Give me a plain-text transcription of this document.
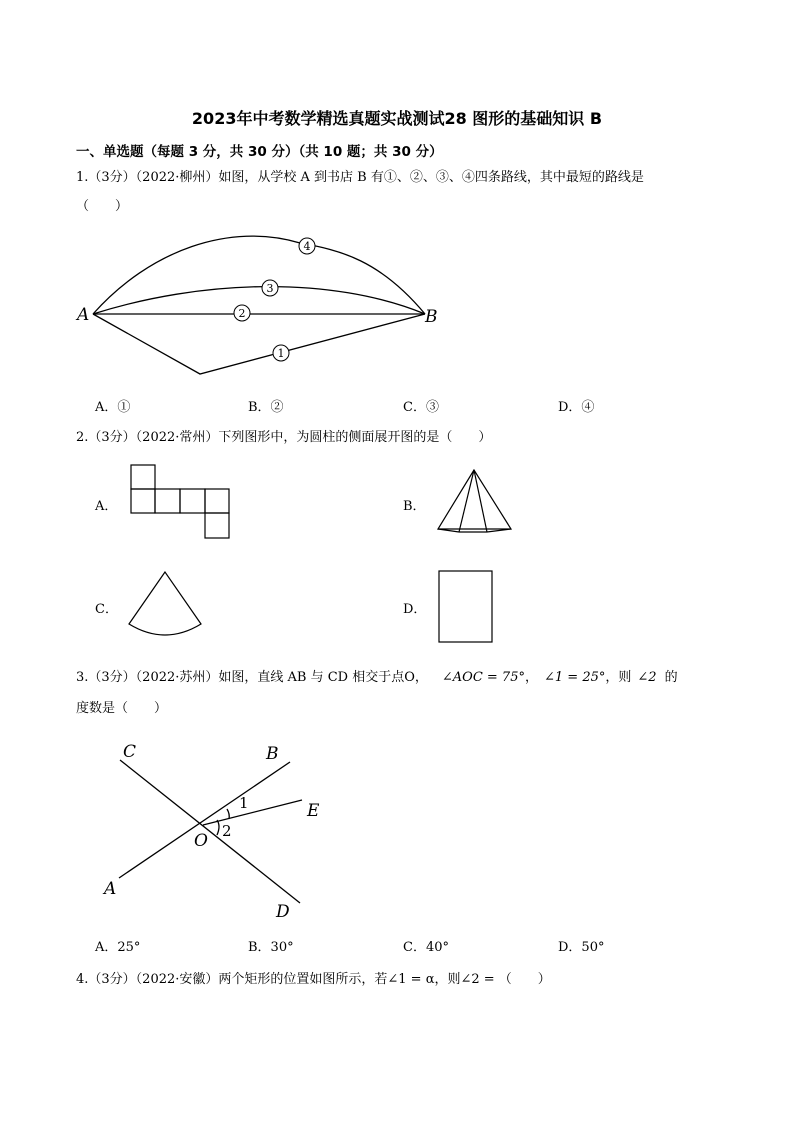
2023年中考数学精选真题实战测试28 图形的基础知识 B
一、单选题（每题 3 分，共 30 分）（共 10 题；共 30 分）
1.（3分）（2022·柳州）如图，从学校 A 到书店 B 有①、②、③、④四条路线，其中最短的路线是
（　　）
4
3
2
1
A	B
A．①	B．②	C．③	D．④
2.（3分）（2022·常州）下列图形中，为圆柱的侧面展开图的是（　　）
A．	B．
C．	D．
3.（3分）（2022·苏州）如图，直线 AB 与 CD 相交于点O， ∠AOC = 75°， ∠1 = 25°，则 ∠2 的
度数是（　　）
C	B
E
O
A
D
1
2
A．25°	B．30°	C．40°	D．50°
4.（3分）（2022·安徽）两个矩形的位置如图所示，若∠1 = α，则∠2 = （　　）
